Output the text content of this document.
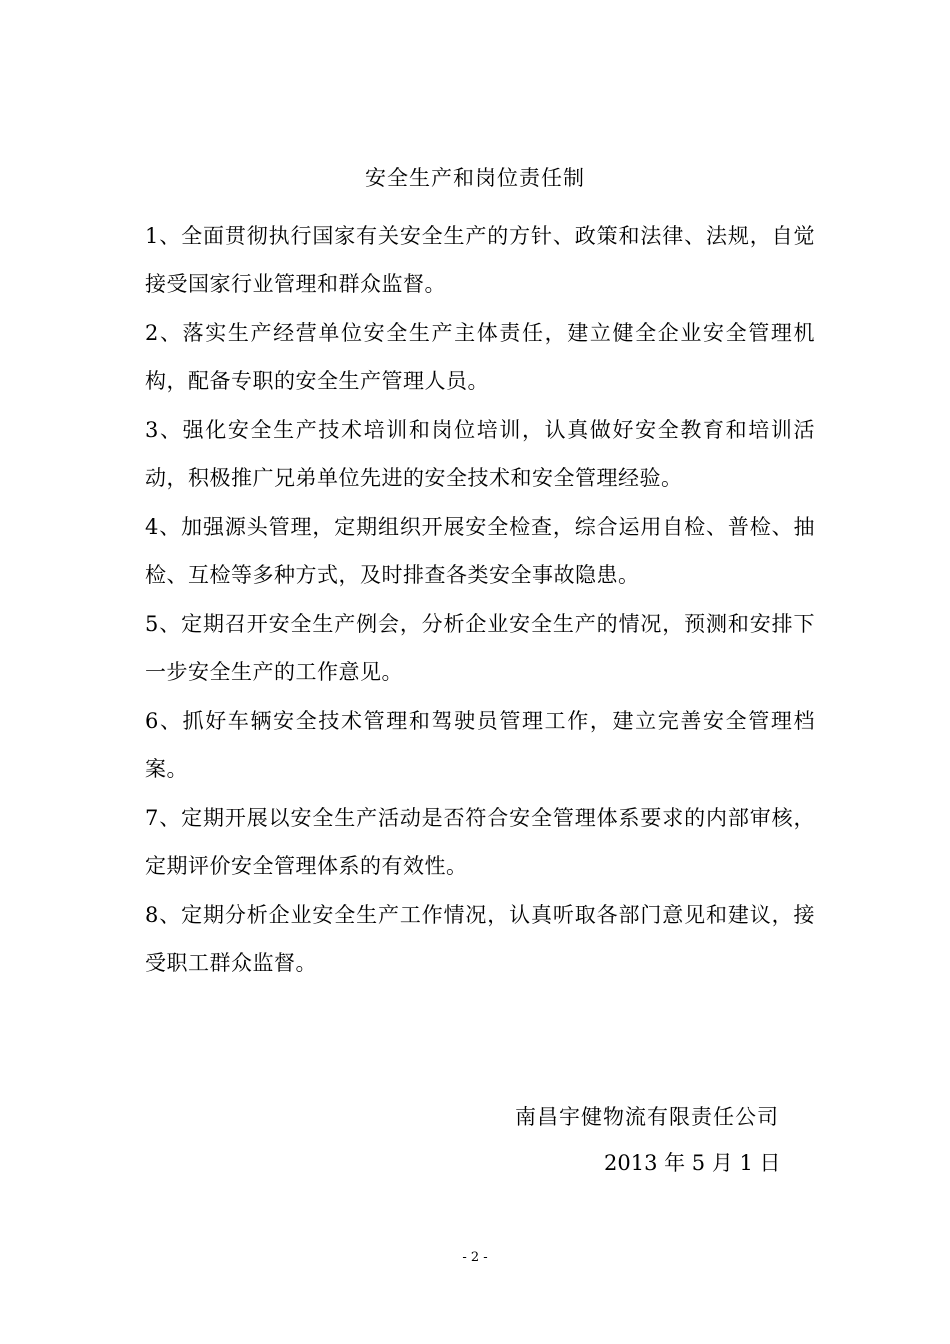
安全生产和岗位责任制

1、全面贯彻执行国家有关安全生产的方针、政策和法律、法规，自觉接受国家行业管理和群众监督。

2、落实生产经营单位安全生产主体责任，建立健全企业安全管理机构，配备专职的安全生产管理人员。

3、强化安全生产技术培训和岗位培训，认真做好安全教育和培训活动，积极推广兄弟单位先进的安全技术和安全管理经验。

4、加强源头管理，定期组织开展安全检查，综合运用自检、普检、抽检、互检等多种方式，及时排查各类安全事故隐患。

5、定期召开安全生产例会，分析企业安全生产的情况，预测和安排下一步安全生产的工作意见。

6、抓好车辆安全技术管理和驾驶员管理工作，建立完善安全管理档案。

7、定期开展以安全生产活动是否符合安全管理体系要求的内部审核，定期评价安全管理体系的有效性。

8、定期分析企业安全生产工作情况，认真听取各部门意见和建议，接受职工群众监督。

南昌宇健物流有限责任公司
2013 年 5 月 1 日
- 2 -
